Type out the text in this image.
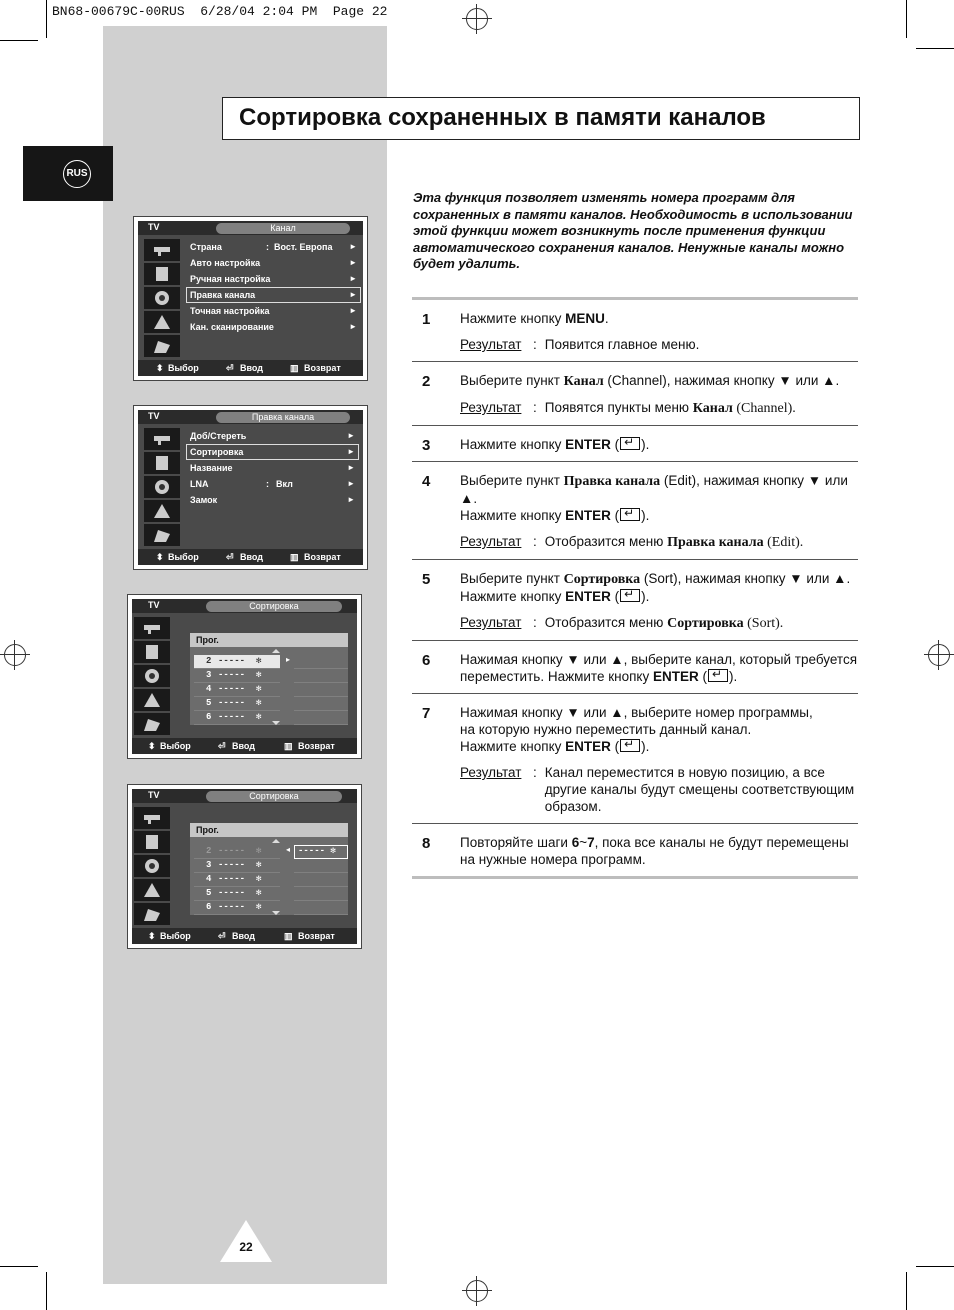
BN68-00679C-00RUS  6/28/04 2:04 PM  Page 22
RUS
Сортировка сохраненных в памяти каналов
Эта функция позволяет изменять номера программ для сохраненных в памяти каналов. Необходимость в использовании этой функции может возникнуть после применения функции автоматического сохранения каналов. Ненужные каналы можно будет удалить.
1 Нажмите кнопку MENU.
Результат : Появится главное меню.
2 Выберите пункт Канал (Channel), нажимая кнопку ▼ или ▲.
Результат : Появятся пункты меню Канал (Channel).
3 Нажмите кнопку ENTER ( ↵ ).
4 Выберите пункт Правка канала (Edit), нажимая кнопку ▼ или ▲.
Нажмите кнопку ENTER ( ↵ ).
Результат : Отобразится меню Правка канала (Edit).
5 Выберите пункт Сортировка (Sort), нажимая кнопку ▼ или ▲.
Нажмите кнопку ENTER ( ↵ ).
Результат : Отобразится меню Сортировка (Sort).
6 Нажимая кнопку ▼ или ▲, выберите канал, который требуется переместить. Нажмите кнопку ENTER ( ↵ ).
7 Нажимая кнопку ▼ или ▲, выберите номер программы,
на которую нужно переместить данный канал.
Нажмите кнопку ENTER ( ↵ ).
Результат : Канал переместится в новую позицию, а все другие каналы будут смещены соответствующим образом.
8 Повторяйте шаги 6~7, пока все каналы не будут перемещены на нужные номера программ.
TV	Канал
Страна	: Вост. Европа ►
Авто настройка	►
Ручная настройка	►
Правка канала	►
Точная настройка	►
Кан. сканирование	►
⬍ Выбор	⏎ Ввод	▥ Возврат
TV	Правка канала
Доб/Стереть	►
Сортировка	►
Название	►
LNA	: Вкл	►
Замок	►
⬍ Выбор	⏎ Ввод	▥ Возврат
TV	Сортировка
Прог.
2 ----- ✻
3 ----- ✻
4 ----- ✻
5 ----- ✻
6 ----- ✻
▸
⬍ Выбор	⏎ Ввод	▥ Возврат
TV	Сортировка
Прог.
2 ----- ✻
3 ----- ✻
4 ----- ✻
5 ----- ✻
6 ----- ✻
◂ ----- ✻
⬍ Выбор	⏎ Ввод	▥ Возврат
22
